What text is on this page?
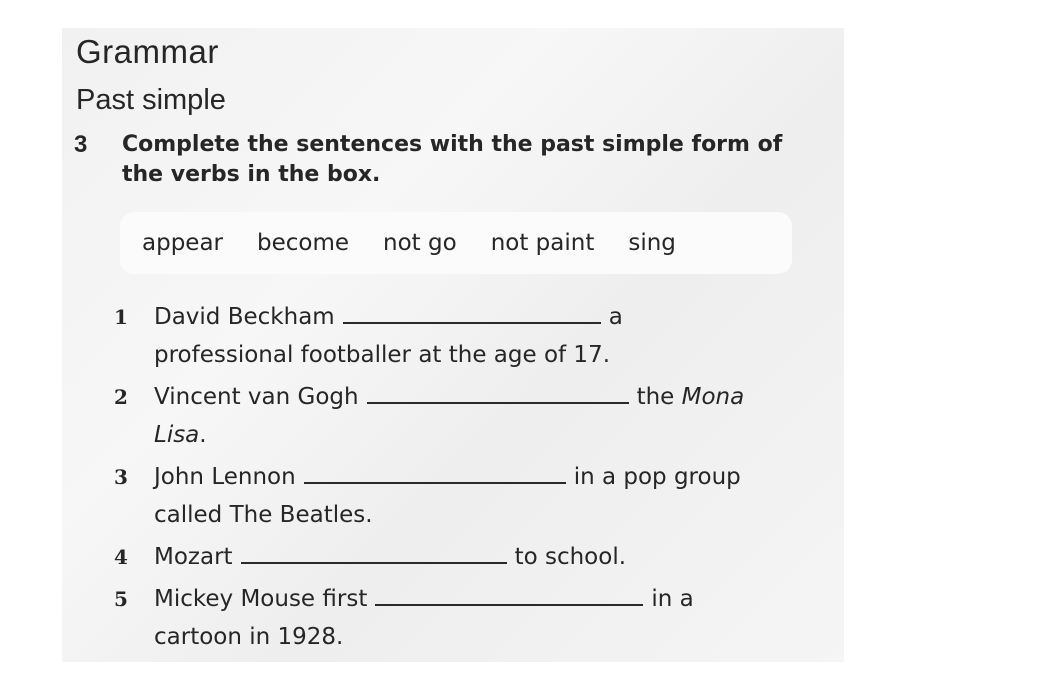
Grammar
Past simple
3 Complete the sentences with the past simple form of the verbs in the box.
appear become not go not paint sing
1 David Beckham	a
professional footballer at the age of 17.
2 Vincent van Gogh	the Mona
Lisa.
3 John Lennon	in a pop group
called The Beatles.
4 Mozart	to school.
5 Mickey Mouse first	in a
cartoon in 1928.
